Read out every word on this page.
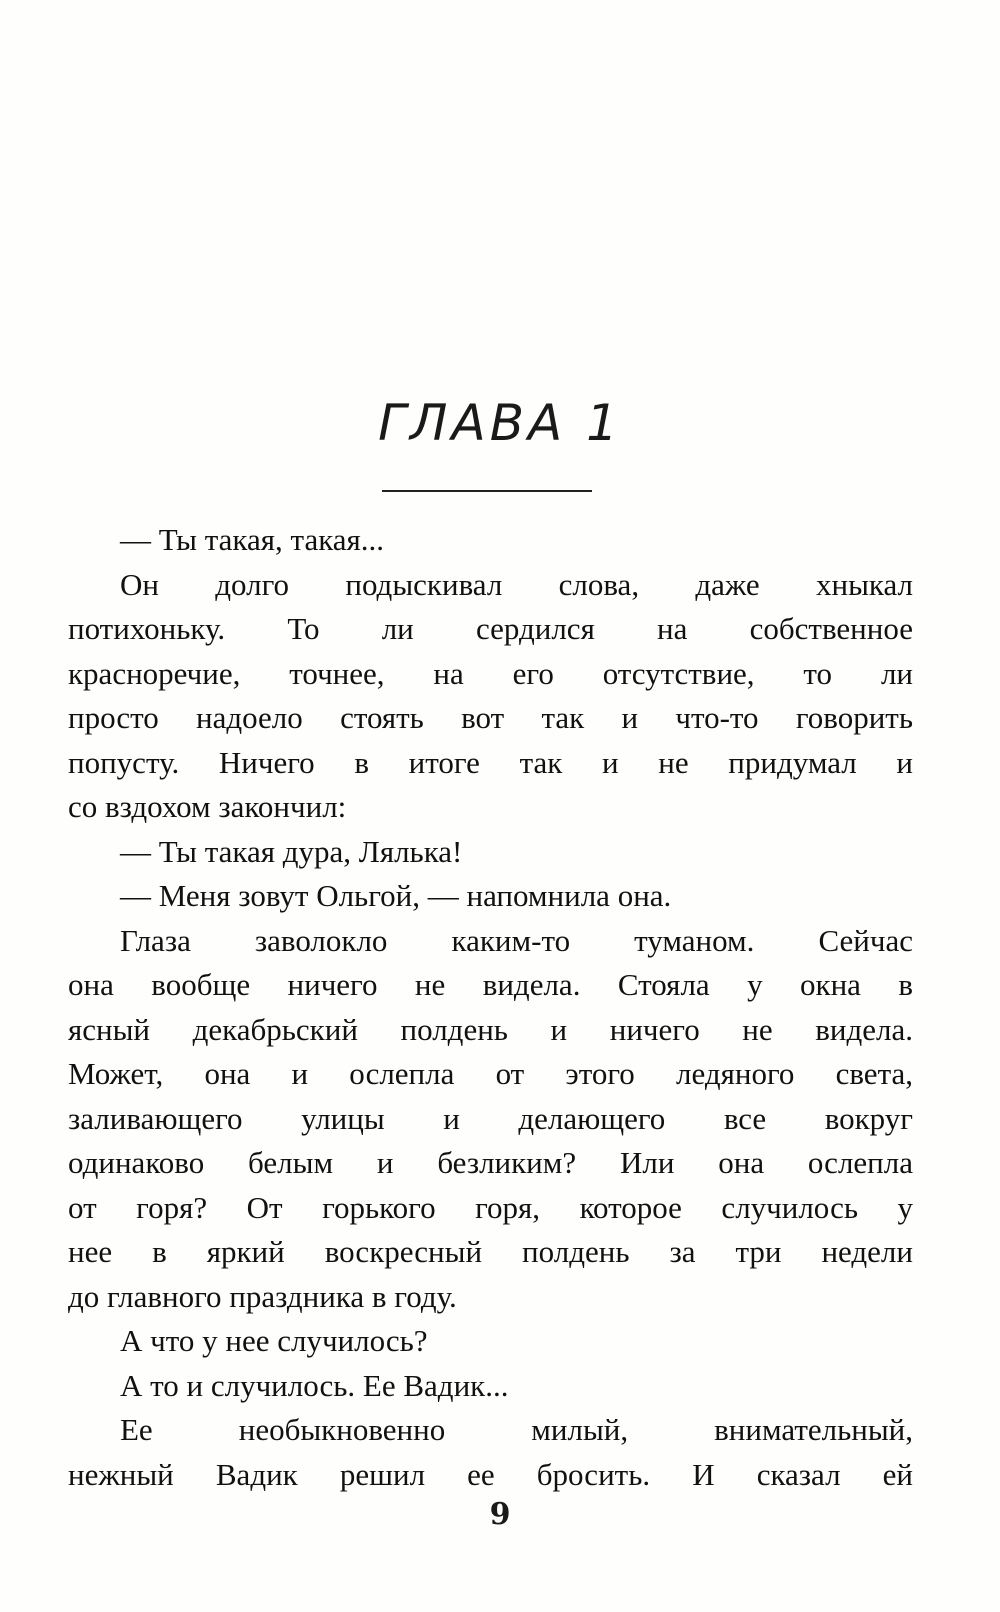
ГЛАВА 1
— Ты такая, такая...
Он долго подыскивал слова, даже хныкал
потихоньку. То ли сердился на собственное
красноречие, точнее, на его отсутствие, то ли
просто надоело стоять вот так и что-то говорить
попусту. Ничего в итоге так и не придумал и
со вздохом закончил:
— Ты такая дура, Лялька!
— Меня зовут Ольгой, — напомнила она.
Глаза заволокло каким-то туманом. Сейчас
она вообще ничего не видела. Стояла у окна в
ясный декабрьский полдень и ничего не видела.
Может, она и ослепла от этого ледяного света,
заливающего улицы и делающего все вокруг
одинаково белым и безликим? Или она ослепла
от горя? От горького горя, которое случилось у
нее в яркий воскресный полдень за три недели
до главного праздника в году.
А что у нее случилось?
А то и случилось. Ее Вадик...
Ее необыкновенно милый, внимательный,
нежный Вадик решил ее бросить. И сказал ей
9
